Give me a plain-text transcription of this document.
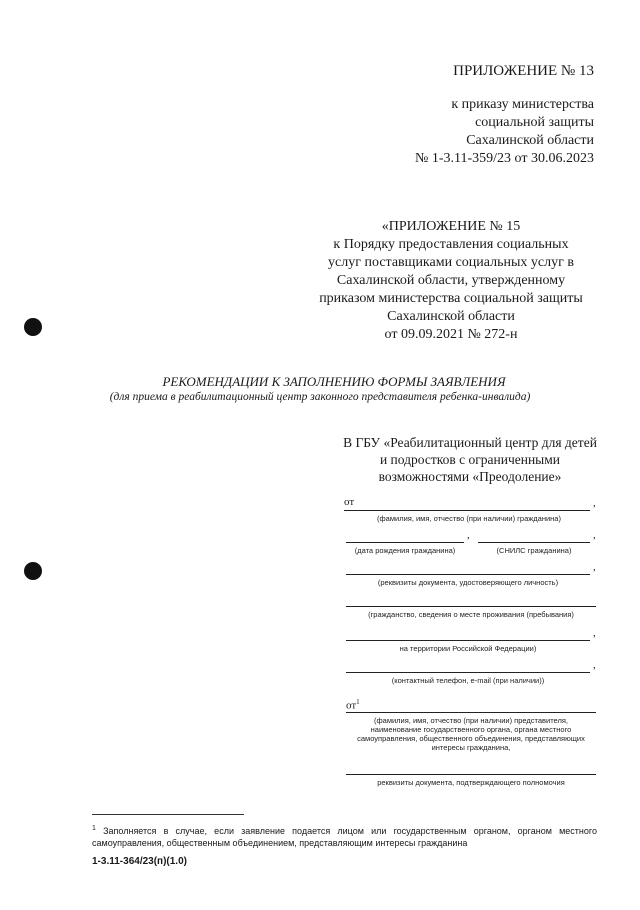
ПРИЛОЖЕНИЕ № 13
к приказу министерства
социальной защиты
Сахалинской области
№ 1-3.11-359/23 от 30.06.2023
«ПРИЛОЖЕНИЕ № 15
к Порядку предоставления социальных
услуг поставщиками социальных услуг в
Сахалинской области, утвержденному
приказом министерства социальной защиты
Сахалинской области
от 09.09.2021 № 272-н
РЕКОМЕНДАЦИИ К ЗАПОЛНЕНИЮ ФОРМЫ ЗАЯВЛЕНИЯ
(для приема в реабилитационный центр законного представителя ребенка-инвалида)
В ГБУ «Реабилитационный центр для детей
и подростков с ограниченными
возможностями «Преодоление»
от	,
(фамилия, имя, отчество (при наличии) гражданина)
,	,
(дата рождения гражданина)	(СНИЛС гражданина)
,
(реквизиты документа, удостоверяющего личность)
(гражданство, сведения о месте проживания (пребывания)
,
на территории Российской Федерации)
,
(контактный телефон, e-mail (при наличии))
$от^1$
(фамилия, имя, отчество (при наличии) представителя,
наименование государственного органа, органа местного
самоуправления, общественного объединения, представляющих
интересы гражданина,
реквизиты документа, подтверждающего полномочия
$^1$ Заполняется в случае, если заявление подается лицом или государственным органом, органом местного самоуправления, общественным объединением, представляющим интересы гражданина
1-3.11-364/23(п)(1.0)
